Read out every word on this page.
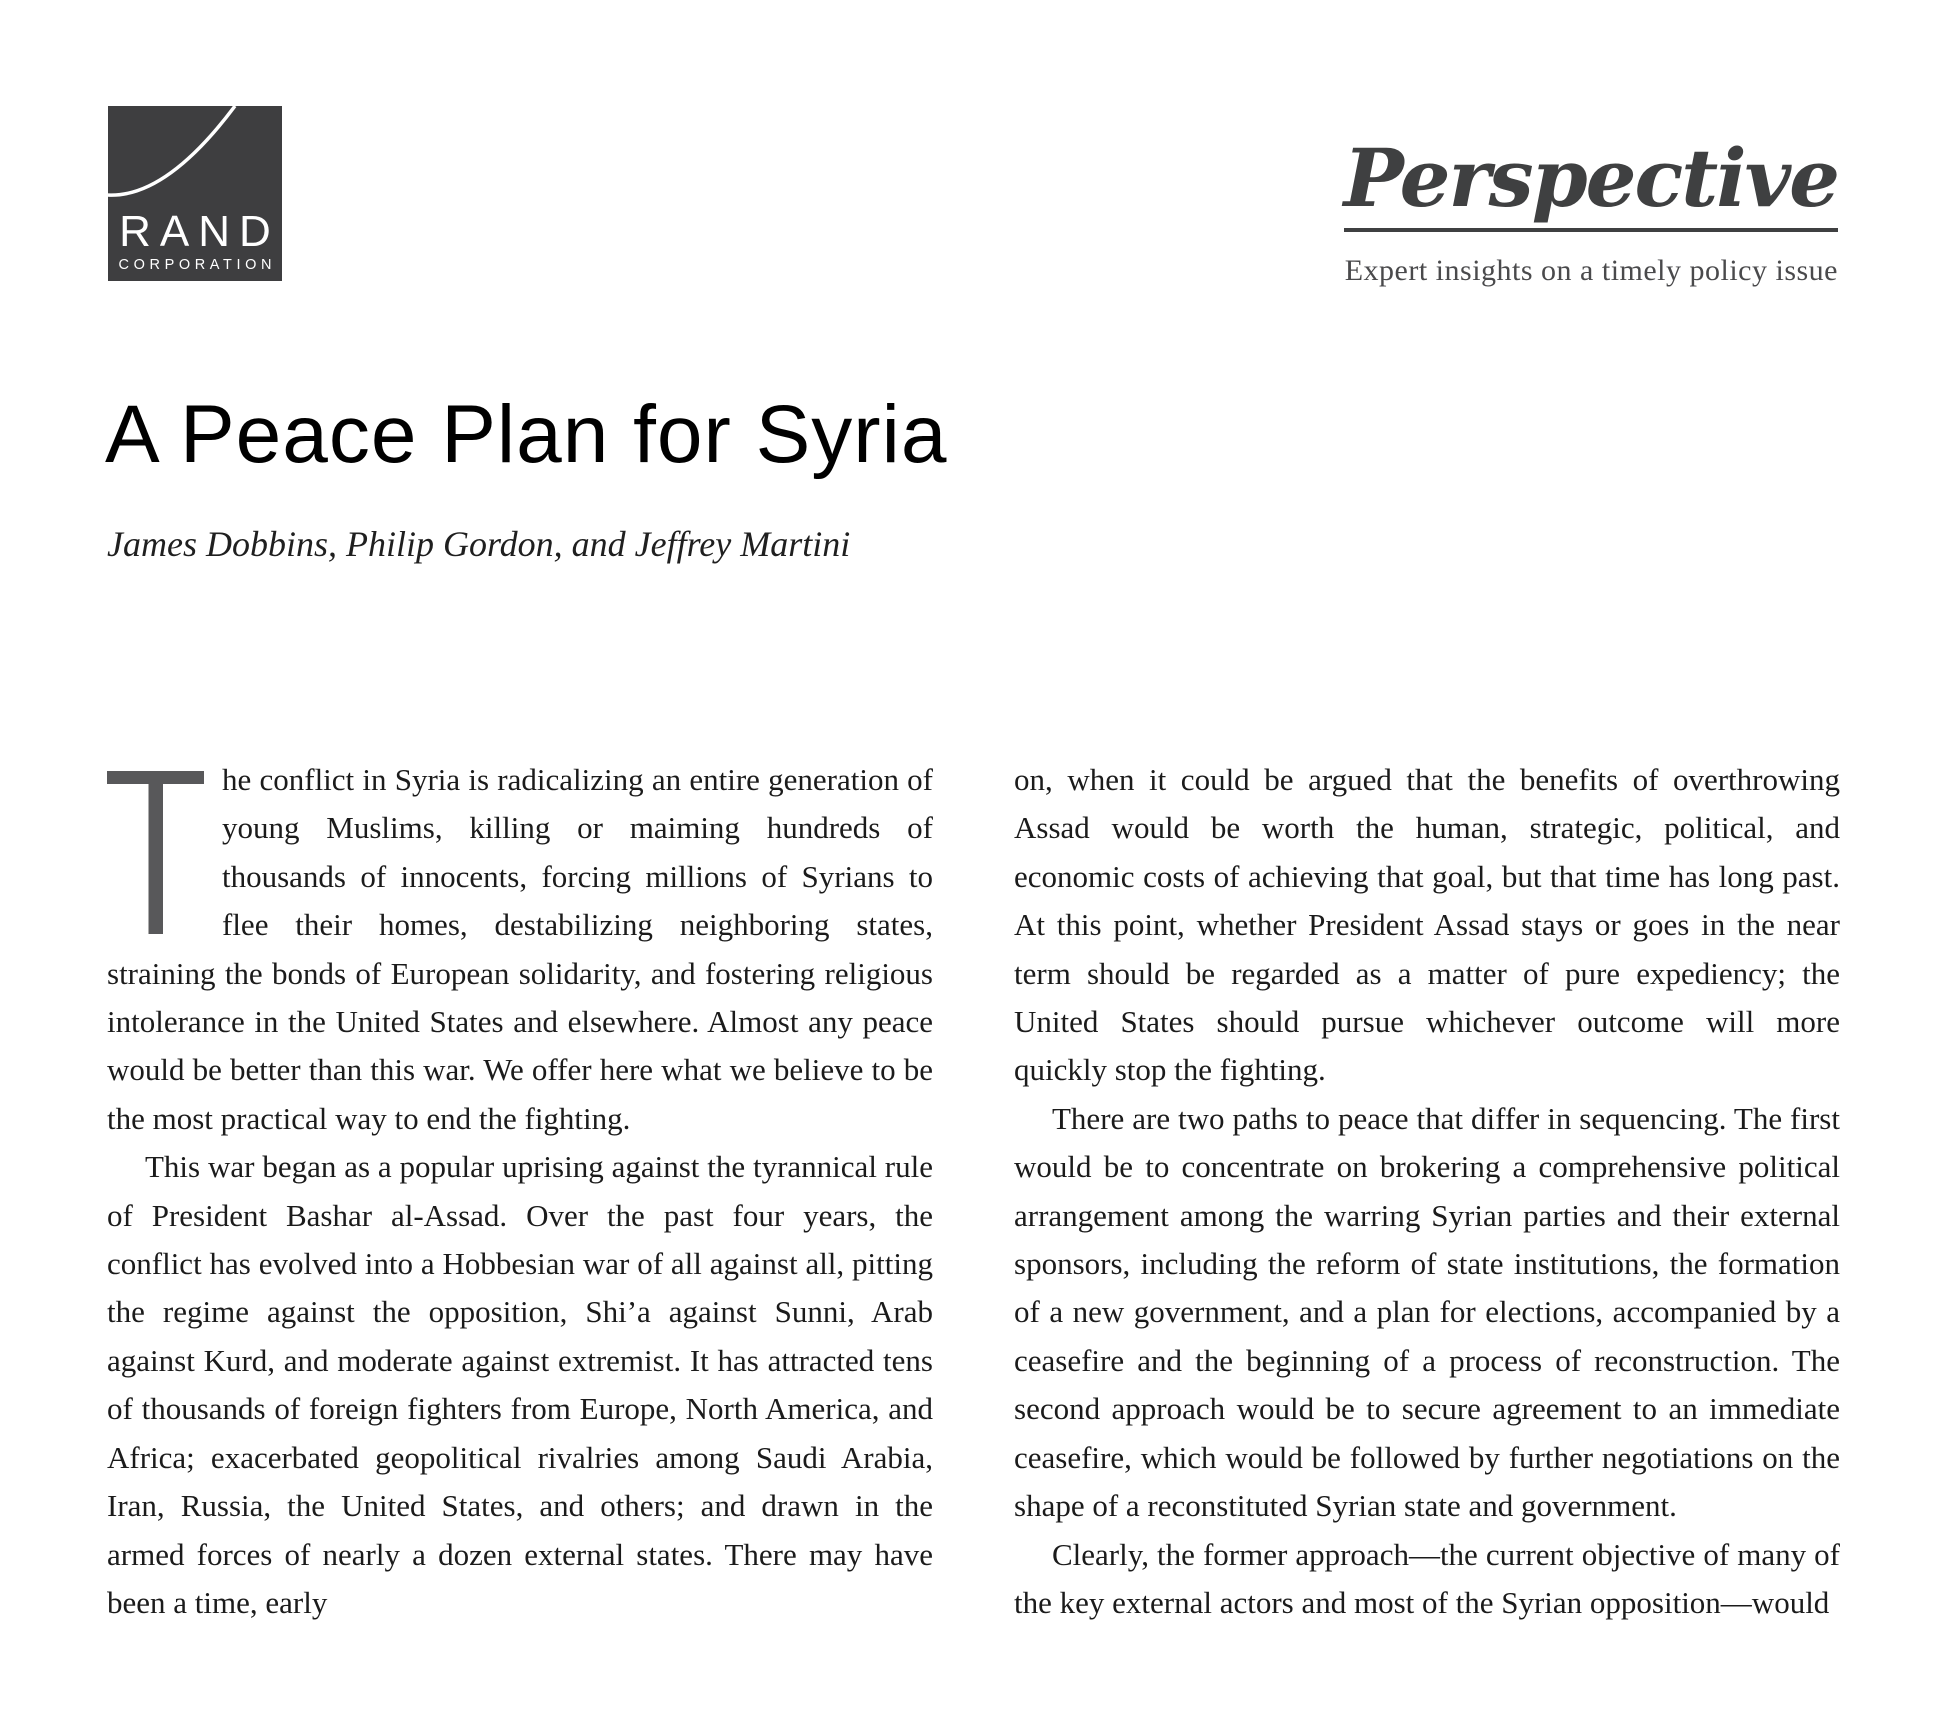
RAND
CORPORATION
Perspective
Expert insights on a timely policy issue
A Peace Plan for Syria
James Dobbins, Philip Gordon, and Jeffrey Martini

he conflict in Syria is radicalizing an entire generation of young Muslims, killing or maiming hundreds of thousands of innocents, forcing millions of Syrians to flee their homes, destabilizing neighboring states, straining the bonds of European solidarity, and fostering religious intolerance in the United States and elsewhere. Almost any peace would be better than this war. We offer here what we believe to be the most practical way to end the fighting.

This war began as a popular uprising against the tyrannical rule of President Bashar al-Assad. Over the past four years, the conflict has evolved into a Hobbesian war of all against all, pitting the regime against the opposition, Shi’a against Sunni, Arab against Kurd, and moderate against extremist. It has attracted tens of thousands of foreign fighters from Europe, North America, and Africa; exacerbated geopolitical rivalries among Saudi Arabia, Iran, Russia, the United States, and others; and drawn in the armed forces of nearly a dozen external states. There may have been a time, early

on, when it could be argued that the benefits of overthrowing Assad would be worth the human, strategic, political, and economic costs of achieving that goal, but that time has long past. At this point, whether President Assad stays or goes in the near term should be regarded as a matter of pure expediency; the United States should pursue whichever outcome will more quickly stop the fighting.

There are two paths to peace that differ in sequencing. The first would be to concentrate on brokering a comprehensive political arrangement among the warring Syrian parties and their external sponsors, including the reform of state institutions, the formation of a new government, and a plan for elections, accompanied by a ceasefire and the beginning of a process of reconstruction. The second approach would be to secure agreement to an immediate ceasefire, which would be followed by further negotiations on the shape of a reconstituted Syrian state and government.

Clearly, the former approach—the current objective of many of the key external actors and most of the Syrian opposition—would
